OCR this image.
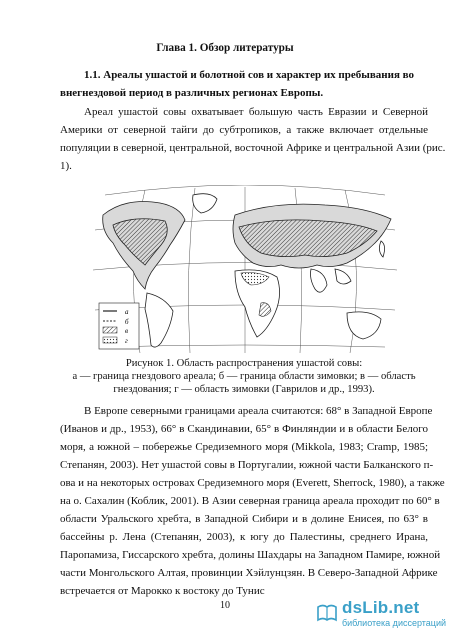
Глава 1. Обзор литературы
1.1. Ареалы ушастой и болотной сов и характер их пребывания во
внегнездовой период в различных регионах Европы.
Ареал ушастой совы охватывает большую часть Евразии и Северной
Америки от северной тайги до субтропиков, а также включает отдельные
популяции в северной, центральной, восточной Африке и центральной Азии (рис.
1).
а
б
в
г
Рисунок 1. Область распространения ушастой совы:
а — граница гнездового ареала; б — граница области зимовки; в — область
гнездования; г — область зимовки (Гаврилов и др., 1993).
В Европе северными границами ареала считаются: 68° в Западной Европе
(Иванов и др., 1953), 66° в Скандинавии, 65° в Финляндии и в области Белого
моря, а южной – побережье Средиземного моря (Mikkola, 1983; Cramp, 1985;
Степанян, 2003). Нет ушастой совы в Португалии, южной части Балканского п-
ова и на некоторых островах Средиземного моря (Everett, Sherrock, 1980), а также
на о. Сахалин (Коблик, 2001). В Азии северная граница ареала проходит по 60° в
области Уральского хребта, в Западной Сибири и в долине Енисея, по 63° в
бассейны р. Лена (Степанян, 2003), к югу до Палестины, среднего Ирана,
Паропамиза, Гиссарского хребта, долины Шахдары на Западном Памире, южной
части Монгольского Алтая, провинции Хэйлунцзян. В Северо-Западной Африке
встречается от Марокко к востоку до Тунис
10	dsLib.net
библиотека диссертаций
